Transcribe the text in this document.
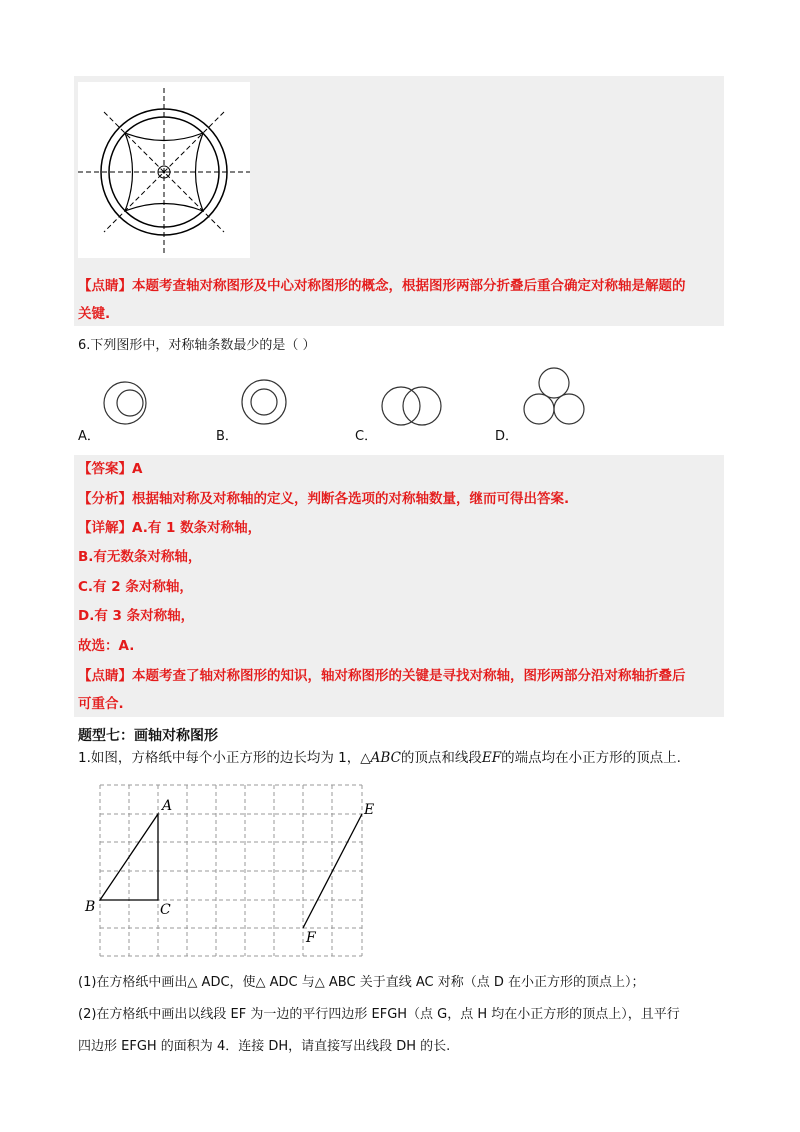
【点睛】本题考查轴对称图形及中心对称图形的概念，根据图形两部分折叠后重合确定对称轴是解题的
关键.
6.下列图形中，对称轴条数最少的是（ ）
A．	B．	C．	D．
【答案】A
【分析】根据轴对称及对称轴的定义，判断各选项的对称轴数量，继而可得出答案.
【详解】A.有 1 数条对称轴，
B.有无数条对称轴，
C.有 2 条对称轴，
D.有 3 条对称轴，
故选：A.
【点睛】本题考查了轴对称图形的知识，轴对称图形的关键是寻找对称轴，图形两部分沿对称轴折叠后
可重合.
题型七：画轴对称图形
1.如图，方格纸中每个小正方形的边长均为 1，△ABC的顶点和线段EF的端点均在小正方形的顶点上.
A
B	C
E
F
(1)在方格纸中画出△ ADC，使△ ADC 与△ ABC 关于直线 AC 对称（点 D 在小正方形的顶点上）；
(2)在方格纸中画出以线段 EF 为一边的平行四边形 EFGH（点 G，点 H 均在小正方形的顶点上），且平行
四边形 EFGH 的面积为 4．连接 DH，请直接写出线段 DH 的长.
